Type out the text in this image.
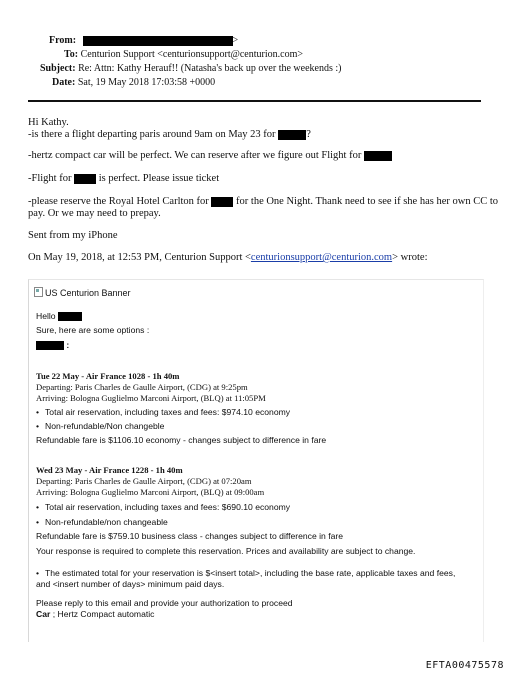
From:	>
To: Centurion Support <centurionsupport@centurion.com>
Subject: Re: Attn: Kathy Herauf!! (Natasha's back up over the weekends :)
Date: Sat, 19 May 2018 17:03:58 +0000
Hi Kathy.
-is there a flight departing paris around 9am on May 23 for	?
-hertz compact car will be perfect. We can reserve after we figure out Flight for
-Flight for	is perfect. Please issue ticket
-please reserve the Royal Hotel Carlton for	for the One Night. Thank need to see if she has her own CC to
pay. Or we may need to prepay.
Sent from my iPhone
On May 19, 2018, at 12:53 PM, Centurion Support <centurionsupport@centurion.com> wrote:
US Centurion Banner
Hello
Sure, here are some options :
:
Tue 22 May - Air France 1028 - 1h 40m
Departing: Paris Charles de Gaulle Airport, (CDG) at 9:25pm
Arriving: Bologna Guglielmo Marconi Airport, (BLQ) at 11:05PM
• Total air reservation, including taxes and fees: $974.10 economy
• Non-refundable/Non changeble
Refundable fare is $1106.10 economy - changes subject to difference in fare
Wed 23 May - Air France 1228 - 1h 40m
Departing: Paris Charles de Gaulle Airport, (CDG) at 07:20am
Arriving: Bologna Guglielmo Marconi Airport, (BLQ) at 09:00am
• Total air reservation, including taxes and fees: $690.10 economy
• Non-refundable/non changeable
Refundable fare is $759.10 business class - changes subject to difference in fare
Your response is required to complete this reservation. Prices and availability are subject to change.
• The estimated total for your reservation is $<insert total>, including the base rate, applicable taxes and fees,
and <insert number of days> minimum paid days.
Please reply to this email and provide your authorization to proceed
Car ; Hertz Compact automatic
EFTA00475578
